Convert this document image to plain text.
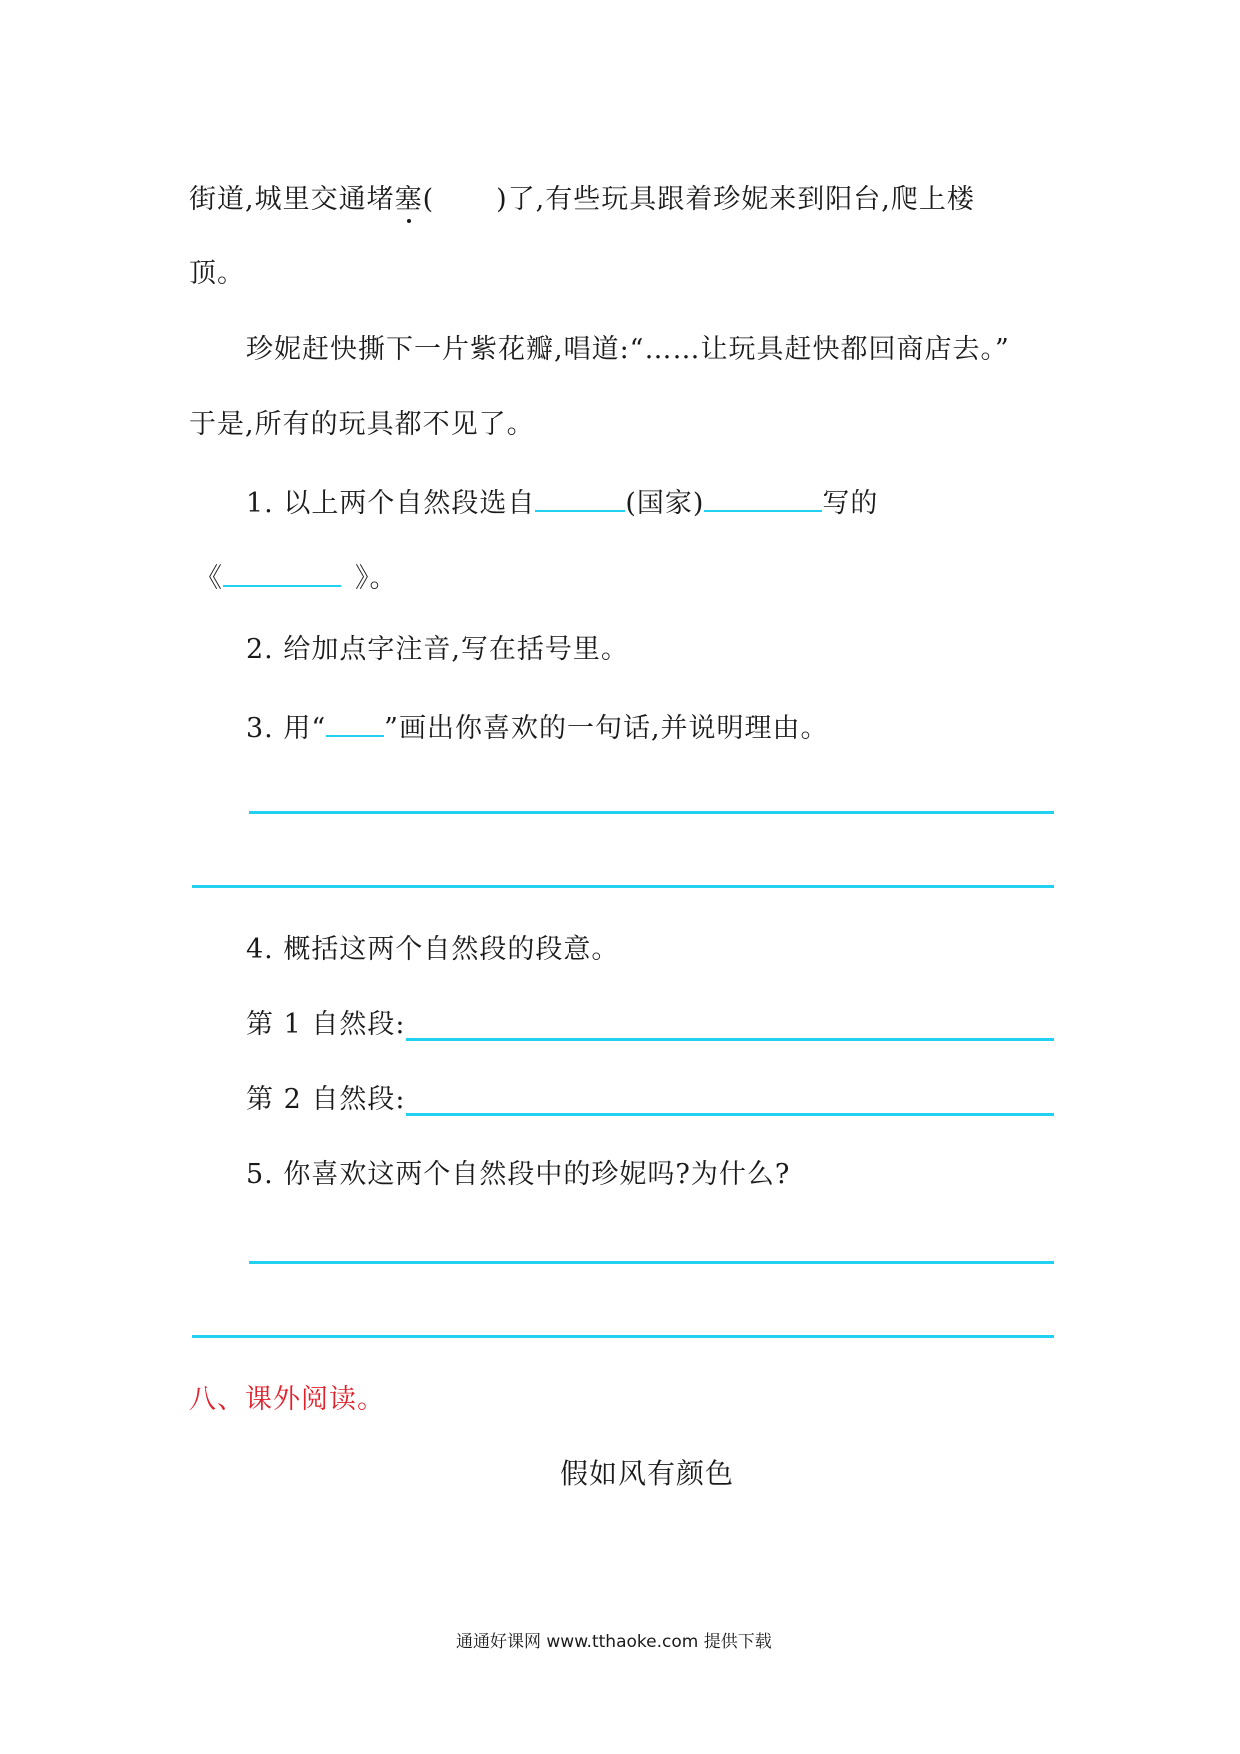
街道,城里交通堵塞( )了,有些玩具跟着珍妮来到阳台,爬上楼
顶。
珍妮赶快撕下一片紫花瓣,唱道:“……让玩具赶快都回商店去。”
于是,所有的玩具都不见了。
1. 以上两个自然段选自	(国家)	写的
《	》。
2. 给加点字注音,写在括号里。
3. 用“ ”画出你喜欢的一句话,并说明理由。
4. 概括这两个自然段的段意。
第 1 自然段:
第 2 自然段:
5. 你喜欢这两个自然段中的珍妮吗?为什么?
八、课外阅读。
假如风有颜色
通通好课网 www.tthaoke.com 提供下载
